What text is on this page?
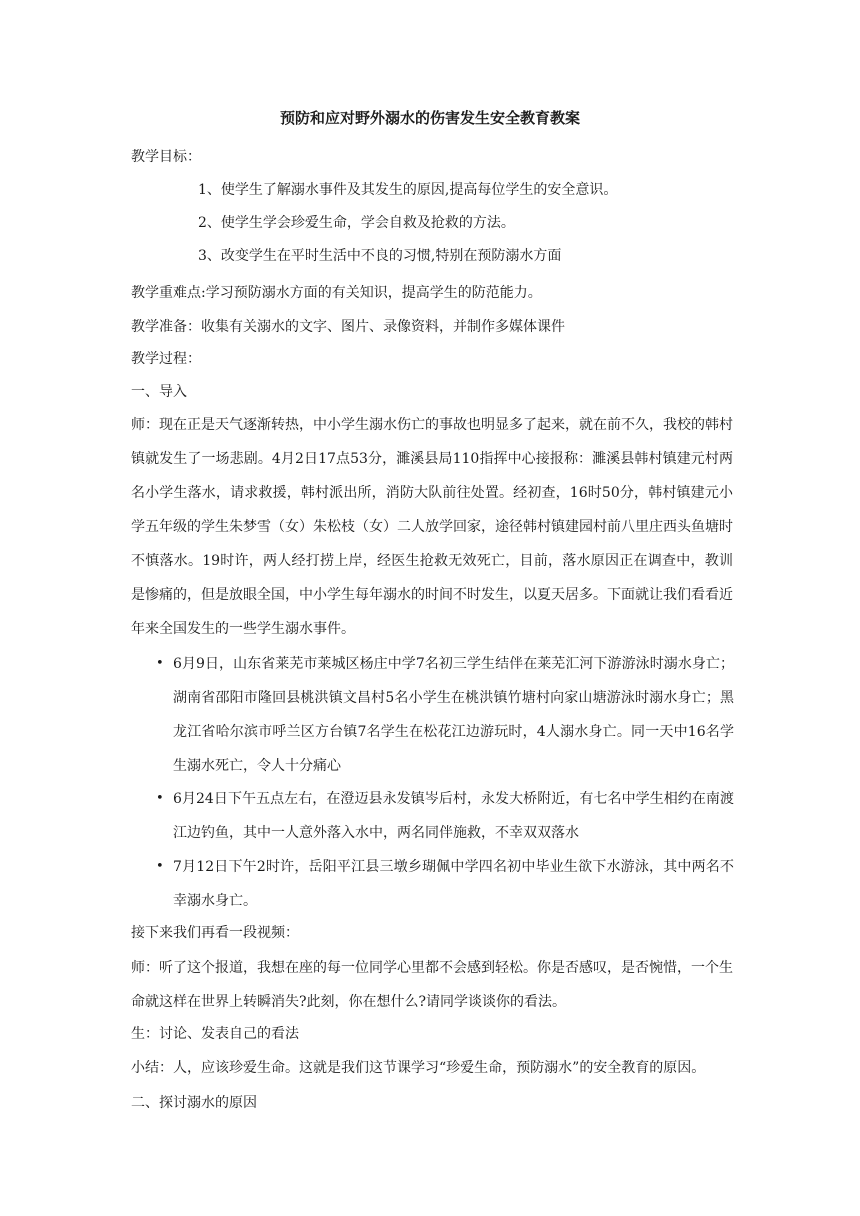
预防和应对野外溺水的伤害发生安全教育教案
教学目标：
1、使学生了解溺水事件及其发生的原因,提高每位学生的安全意识。
2、使学生学会珍爱生命，学会自救及抢救的方法。
3、改变学生在平时生活中不良的习惯,特别在预防溺水方面
教学重难点:学习预防溺水方面的有关知识，提高学生的防范能力。
教学准备：收集有关溺水的文字、图片、录像资料，并制作多媒体课件
教学过程：
一、导入
师：现在正是天气逐渐转热，中小学生溺水伤亡的事故也明显多了起来，就在前不久，我校的韩村镇就发生了一场悲剧。4月2日17点53分，濉溪县局110指挥中心接报称：濉溪县韩村镇建元村两名小学生落水，请求救援，韩村派出所，消防大队前往处置。经初查，16时50分，韩村镇建元小学五年级的学生朱梦雪（女）朱松枝（女）二人放学回家，途径韩村镇建园村前八里庄西头鱼塘时不慎落水。19时许，两人经打捞上岸，经医生抢救无效死亡，目前，落水原因正在调查中，教训是惨痛的，但是放眼全国，中小学生每年溺水的时间不时发生，以夏天居多。下面就让我们看看近年来全国发生的一些学生溺水事件。
• 6月9日，山东省莱芜市莱城区杨庄中学7名初三学生结伴在莱芜汇河下游游泳时溺水身亡；湖南省邵阳市隆回县桃洪镇文昌村5名小学生在桃洪镇竹塘村向家山塘游泳时溺水身亡；黑龙江省哈尔滨市呼兰区方台镇7名学生在松花江边游玩时，4人溺水身亡。同一天中16名学生溺水死亡，令人十分痛心
• 6月24日下午五点左右，在澄迈县永发镇岑后村，永发大桥附近，有七名中学生相约在南渡江边钓鱼，其中一人意外落入水中，两名同伴施救，不幸双双落水
• 7月12日下午2时许，岳阳平江县三墩乡瑚佩中学四名初中毕业生欲下水游泳，其中两名不幸溺水身亡。
接下来我们再看一段视频：
师：听了这个报道，我想在座的每一位同学心里都不会感到轻松。你是否感叹，是否惋惜，一个生命就这样在世界上转瞬消失?此刻，你在想什么?请同学谈谈你的看法。
生：讨论、发表自己的看法
小结：人，应该珍爱生命。这就是我们这节课学习“珍爱生命，预防溺水”的安全教育的原因。
二、探讨溺水的原因
